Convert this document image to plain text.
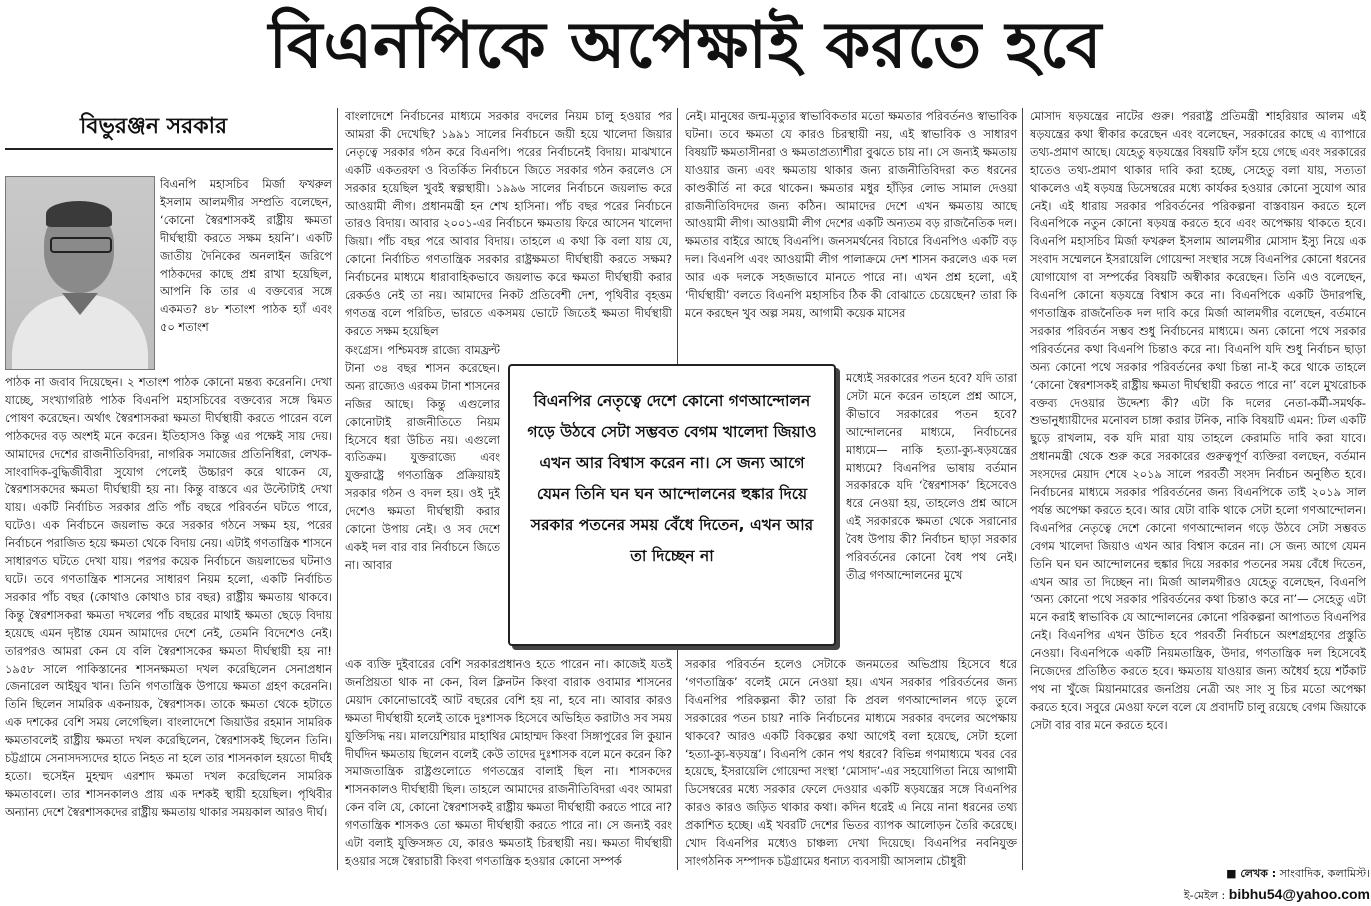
বিএনপিকে অপেক্ষাই করতে হবে
বিভুরঞ্জন সরকার

বিএনপি মহাসচিব মির্জা ফখরুল ইসলাম আলমগীর সম্প্রতি বলেছেন, ‘কোনো স্বৈরশাসকই রাষ্ট্রীয় ক্ষমতা দীর্ঘস্থায়ী করতে সক্ষম হয়নি’। একটি জাতীয় দৈনিকের অনলাইন জরিপে পাঠকদের কাছে প্রশ্ন রাখা হয়েছিল, আপনি কি তার এ বক্তব্যের সঙ্গে একমত? ৪৮ শতাংশ পাঠক হ্যাঁ এবং ৫০ শতাংশ

পাঠক না জবাব দিয়েছেন। ২ শতাংশ পাঠক কোনো মন্তব্য করেননি। দেখা যাচ্ছে, সংখ্যাগরিষ্ঠ পাঠক বিএনপি মহাসচিবের বক্তব্যের সঙ্গে দ্বিমত পোষণ করেছেন। অর্থাৎ স্বৈরশাসকরা ক্ষমতা দীর্ঘস্থায়ী করতে পারেন বলে পাঠকদের বড় অংশই মনে করেন। ইতিহাসও কিন্তু এর পক্ষেই সায় দেয়। আমাদের দেশের রাজনীতিবিদরা, নাগরিক সমাজের প্রতিনিধিরা, লেখক-সাংবাদিক-বুদ্ধিজীবীরা সুযোগ পেলেই উচ্চারণ করে থাকেন যে, স্বৈরশাসকদের ক্ষমতা দীর্ঘস্থায়ী হয় না। কিন্তু বাস্তবে এর উল্টোটাই দেখা যায়। একটি নির্বাচিত সরকার প্রতি পাঁচ বছরে পরিবর্তন ঘটতে পারে, ঘটেও। এক নির্বাচনে জয়লাভ করে সরকার গঠনে সক্ষম হয়, পরের নির্বাচনে পরাজিত হয়ে ক্ষমতা থেকে বিদায় নেয়। এটাই গণতান্ত্রিক শাসনে সাধারণত ঘটতে দেখা যায়। পরপর কয়েক নির্বাচনে জয়লাভের ঘটনাও ঘটে। তবে গণতান্ত্রিক শাসনের সাধারণ নিয়ম হলো, একটি নির্বাচিত সরকার পাঁচ বছর (কোথাও কোথাও চার বছর) রাষ্ট্রীয় ক্ষমতায় থাকবে। কিন্তু স্বৈরশাসকরা ক্ষমতা দখলের পাঁচ বছরের মাথাই ক্ষমতা ছেড়ে বিদায় হয়েছে এমন দৃষ্টান্ত যেমন আমাদের দেশে নেই, তেমনি বিদেশেও নেই। তারপরও আমরা কেন যে বলি স্বৈরশাসকের ক্ষমতা দীর্ঘস্থায়ী হয় না! ১৯৫৮ সালে পাকিস্তানের শাসনক্ষমতা দখল করেছিলেন সেনাপ্রধান জেনারেল আইয়ুব খান। তিনি গণতান্ত্রিক উপায়ে ক্ষমতা গ্রহণ করেননি। তিনি ছিলেন সামরিক একনায়ক, স্বৈরশাসক। তাকে ক্ষমতা থেকে হটাতে এক দশকের বেশি সময় লেগেছিল। বাংলাদেশে জিয়াউর রহমান সামরিক ক্ষমতাবলেই রাষ্ট্রীয় ক্ষমতা দখল করেছিলেন, স্বৈরশাসকই ছিলেন তিনি। চট্টগ্রামে সেনাসদস্যদের হাতে নিহত না হলে তার শাসনকাল হয়তো দীর্ঘই হতো। হুসেইন মুহম্মদ এরশাদ ক্ষমতা দখল করেছিলেন সামরিক ক্ষমতাবলে। তার শাসনকালও প্রায় এক দশকই স্থায়ী হয়েছিল। পৃথিবীর অন্যান্য দেশে স্বৈরশাসকদের রাষ্ট্রীয় ক্ষমতায় থাকার সময়কাল আরও দীর্ঘ।

বাংলাদেশে নির্বাচনের মাধ্যমে সরকার বদলের নিয়ম চালু হওয়ার পর আমরা কী দেখেছি? ১৯৯১ সালের নির্বাচনে জয়ী হয়ে খালেদা জিয়ার নেতৃত্বে সরকার গঠন করে বিএনপি। পরের নির্বাচনেই বিদায়। মাঝখানে একটি একতরফা ও বিতর্কিত নির্বাচনে জিতে সরকার গঠন করলেও সে সরকার হয়েছিল খুবই স্বল্পস্থায়ী। ১৯৯৬ সালের নির্বাচনে জয়লাভ করে আওয়ামী লীগ। প্রধানমন্ত্রী হন শেখ হাসিনা। পাঁচ বছর পরের নির্বাচনে তারও বিদায়। আবার ২০০১-এর নির্বাচনে ক্ষমতায় ফিরে আসেন খালেদা জিয়া। পাঁচ বছর পরে আবার বিদায়। তাহলে এ কথা কি বলা যায় যে, কোনো নির্বাচিত গণতান্ত্রিক সরকার রাষ্ট্রক্ষমতা দীর্ঘস্থায়ী করতে সক্ষম? নির্বাচনের মাধ্যমে ধারাবাহিকভাবে জয়লাভ করে ক্ষমতা দীর্ঘস্থায়ী করার রেকর্ডও নেই তা নয়। আমাদের নিকট প্রতিবেশী দেশ, পৃথিবীর বৃহত্তম গণতন্ত্র বলে পরিচিত, ভারতে একসময় ভোটে জিতেই ক্ষমতা দীর্ঘস্থায়ী করতে সক্ষম হয়েছিল

কংগ্রেস। পশ্চিমবঙ্গ রাজ্যে বামফ্রন্ট টানা ৩৪ বছর শাসন করেছেন। অন্য রাজ্যেও এরকম টানা শাসনের নজির আছে। কিন্তু এগুলোর কোনোটাই রাজনীতিতে নিয়ম হিসেবে ধরা উচিত নয়। এগুলো ব্যতিক্রম। যুক্তরাজ্যে এবং যুক্তরাষ্ট্রে গণতান্ত্রিক প্রক্রিয়ায়ই সরকার গঠন ও বদল হয়। ওই দুই দেশেও ক্ষমতা দীর্ঘস্থায়ী করার কোনো উপায় নেই। ও সব দেশে একই দল বার বার নির্বাচনে জিতে না। আবার

এক ব্যক্তি দুইবারের বেশি সরকারপ্রধানও হতে পারেন না। কাজেই যতই জনপ্রিয়তা থাক না কেন, বিল ক্লিনটন কিংবা বারাক ওবামার শাসনের মেয়াদ কোনোভাবেই আট বছরের বেশি হয় না, হবে না। আবার কারও ক্ষমতা দীর্ঘস্থায়ী হলেই তাকে দুঃশাসক হিসেবে অভিহিত করাটাও সব সময় যুক্তিসিদ্ধ নয়। মালয়েশিয়ার মাহাথির মোহাম্মদ কিংবা সিঙ্গাপুরের লি কুয়ান দীর্ঘদিন ক্ষমতায় ছিলেন বলেই কেউ তাদের দুঃশাসক বলে মনে করেন কি? সমাজতান্ত্রিক রাষ্ট্রগুলোতে গণতন্ত্রের বালাই ছিল না। শাসকদের শাসনকালও দীর্ঘস্থায়ী ছিল। তাহলে আমাদের রাজনীতিবিদরা এবং আমরা কেন বলি যে, কোনো স্বৈরশাসকই রাষ্ট্রীয় ক্ষমতা দীর্ঘস্থায়ী করতে পারে না? গণতান্ত্রিক শাসকও তো ক্ষমতা দীর্ঘস্থায়ী করতে পারে না। সে জন্যই বরং এটা বলাই যুক্তিসঙ্গত যে, কারও ক্ষমতাই চিরস্থায়ী নয়। ক্ষমতা দীর্ঘস্থায়ী হওয়ার সঙ্গে স্বৈরাচারী কিংবা গণতান্ত্রিক হওয়ার কোনো সম্পর্ক

নেই। মানুষের জন্ম-মৃত্যুর স্বাভাবিকতার মতো ক্ষমতার পরিবর্তনও স্বাভাবিক ঘটনা। তবে ক্ষমতা যে কারও চিরস্থায়ী নয়, এই স্বাভাবিক ও সাধারণ বিষয়টি ক্ষমতাসীনরা ও ক্ষমতাপ্রত্যাশীরা বুঝতে চায় না। সে জন্যই ক্ষমতায় যাওয়ার জন্য এবং ক্ষমতায় থাকার জন্য রাজনীতিবিদরা কত ধরনের কাণ্ডকীর্তি না করে থাকেন। ক্ষমতার মধুর হাঁড়ির লোভ সামাল দেওয়া রাজনীতিবিদদের জন্য কঠিন। আমাদের দেশে এখন ক্ষমতায় আছে আওয়ামী লীগ। আওয়ামী লীগ দেশের একটি অন্যতম বড় রাজনৈতিক দল। ক্ষমতার বাইরে আছে বিএনপি। জনসমর্থনের বিচারে বিএনপিও একটি বড় দল। বিএনপি এবং আওয়ামী লীগ পালাক্রমে দেশ শাসন করলেও এক দল আর এক দলকে সহজভাবে মানতে পারে না। এখন প্রশ্ন হলো, এই ‘দীর্ঘস্থায়ী’ বলতে বিএনপি মহাসচিব ঠিক কী বোঝাতে চেয়েছেন? তারা কি মনে করছেন খুব অল্প সময়, আগামী কয়েক মাসের

মধ্যেই সরকারের পতন হবে? যদি তারা সেটা মনে করেন তাহলে প্রশ্ন আসে, কীভাবে সরকারের পতন হবে? আন্দোলনের মাধ্যমে, নির্বাচনের মাধ্যমে— নাকি হত্যা-ক্যু-ষড়যন্ত্রের মাধ্যমে? বিএনপির ভাষায় বর্তমান সরকারকে যদি ‘স্বৈরশাসক’ হিসেবেও ধরে নেওয়া হয়, তাহলেও প্রশ্ন আসে এই সরকারকে ক্ষমতা থেকে সরানোর বৈধ উপায় কী? নির্বাচন ছাড়া সরকার পরিবর্তনের কোনো বৈধ পথ নেই। তীব্র গণআন্দোলনের মুখে

সরকার পরিবর্তন হলেও সেটাকে জনমতের অভিপ্রায় হিসেবে ধরে ‘গণতান্ত্রিক’ বলেই মেনে নেওয়া হয়। এখন সরকার পরিবর্তনের জন্য বিএনপির পরিকল্পনা কী? তারা কি প্রবল গণআন্দোলন গড়ে তুলে সরকারের পতন চায়? নাকি নির্বাচনের মাধ্যমে সরকার বদলের অপেক্ষায় থাকবে? আরও একটি বিকল্পের কথা আগেই বলা হয়েছে, সেটা হলো ‘হত্যা-ক্যু-ষড়যন্ত্র’। বিএনপি কোন পথ ধরবে? বিভিন্ন গণমাধ্যমে খবর বের হয়েছে, ইসরায়েলি গোয়েন্দা সংস্থা ‘মোসাদ’-এর সহযোগিতা নিয়ে আগামী ডিসেম্বরের মধ্যে সরকার ফেলে দেওয়ার একটি ষড়যন্ত্রের সঙ্গে বিএনপির কারও কারও জড়িত থাকার কথা। কদিন ধরেই এ নিয়ে নানা ধরনের তথ্য প্রকাশিত হচ্ছে। এই খবরটি দেশের ভিতর ব্যাপক আলোড়ন তৈরি করেছে। খোদ বিএনপির মধ্যেও চাঞ্চল্য দেখা দিয়েছে। বিএনপির নবনিযুক্ত সাংগঠনিক সম্পাদক চট্টগ্রামের ধনাঢ্য ব্যবসায়ী আসলাম চৌধুরী

মোসাদ ষড়যন্ত্রের নাটের গুরু। পররাষ্ট্র প্রতিমন্ত্রী শাহরিয়ার আলম এই ষড়যন্ত্রের কথা স্বীকার করেছেন এবং বলেছেন, সরকারের কাছে এ ব্যাপারে তথ্য-প্রমাণ আছে। যেহেতু ষড়যন্ত্রের বিষয়টি ফাঁস হয়ে গেছে এবং সরকারের হাতেও তথ্য-প্রমাণ থাকার দাবি করা হচ্ছে, সেহেতু বলা যায়, সত্যতা থাকলেও এই ষড়যন্ত্র ডিসেম্বরের মধ্যে কার্যকর হওয়ার কোনো সুযোগ আর নেই। এই ধারায় সরকার পরিবর্তনের পরিকল্পনা বাস্তবায়ন করতে হলে বিএনপিকে নতুন কোনো ষড়যন্ত্র করতে হবে এবং অপেক্ষায় থাকতে হবে। বিএনপি মহাসচিব মির্জা ফখরুল ইসলাম আলমগীর মোসাদ ইস্যু নিয়ে এক সংবাদ সম্মেলনে ইসরায়েলি গোয়েন্দা সংস্থার সঙ্গে বিএনপির কোনো ধরনের যোগাযোগ বা সম্পর্কের বিষয়টি অস্বীকার করেছেন। তিনি এও বলেছেন, বিএনপি কোনো ষড়যন্ত্রে বিশ্বাস করে না। বিএনপিকে একটি উদারপন্থি, গণতান্ত্রিক রাজনৈতিক দল দাবি করে মির্জা আলমগীর বলেছেন, বর্তমানে সরকার পরিবর্তন সম্ভব শুধু নির্বাচনের মাধ্যমে। অন্য কোনো পথে সরকার পরিবর্তনের কথা বিএনপি চিন্তাও করে না। বিএনপি যদি শুধু নির্বাচন ছাড়া অন্য কোনো পথে সরকার পরিবর্তনের কথা চিন্তা না-ই করে থাকে তাহলে ‘কোনো স্বৈরশাসকই রাষ্ট্রীয় ক্ষমতা দীর্ঘস্থায়ী করতে পারে না’ বলে মুখরোচক বক্তব্য দেওয়ার উদ্দেশ্য কী? এটা কি দলের নেতা-কর্মী-সমর্থক-শুভানুধ্যায়ীদের মনোবল চাঙ্গা করার টনিক, নাকি বিষয়টি এমন: ঢিল একটি ছুড়ে রাখলাম, বক যদি মারা যায় তাহলে কেরামতি দাবি করা যাবে। প্রধানমন্ত্রী থেকে শুরু করে সরকারের গুরুত্বপূর্ণ ব্যক্তিরা বলছেন, বর্তমান সংসদের মেয়াদ শেষে ২০১৯ সালে পরবর্তী সংসদ নির্বাচন অনুষ্ঠিত হবে। নির্বাচনের মাধ্যমে সরকার পরিবর্তনের জন্য বিএনপিকে তাই ২০১৯ সাল পর্যন্ত অপেক্ষা করতে হবে। আর যেটা বাকি থাকে সেটা হলো গণআন্দোলন। বিএনপির নেতৃত্বে দেশে কোনো গণআন্দোলন গড়ে উঠবে সেটা সম্ভবত বেগম খালেদা জিয়াও এখন আর বিশ্বাস করেন না। সে জন্য আগে যেমন তিনি ঘন ঘন আন্দোলনের হুঙ্কার দিয়ে সরকার পতনের সময় বেঁধে দিতেন, এখন আর তা দিচ্ছেন না। মির্জা আলমগীরও যেহেতু বলেছেন, বিএনপি ‘অন্য কোনো পথে সরকার পরিবর্তনের কথা চিন্তাও করে না’— সেহেতু এটা মনে করাই স্বাভাবিক যে আন্দোলনের কোনো পরিকল্পনা আপাতত বিএনপির নেই। বিএনপির এখন উচিত হবে পরবর্তী নির্বাচনে অংশগ্রহণের প্রস্তুতি নেওয়া। বিএনপিকে একটি নিয়মতান্ত্রিক, উদার, গণতান্ত্রিক দল হিসেবেই নিজেদের প্রতিষ্ঠিত করতে হবে। ক্ষমতায় যাওয়ার জন্য অধৈর্য হয়ে শর্টকাট পথ না খুঁজে মিয়ানমারের জনপ্রিয় নেত্রী অং সাং সু চির মতো অপেক্ষা করতে হবে। সবুরে মেওয়া ফলে বলে যে প্রবাদটি চালু রয়েছে বেগম জিয়াকে সেটা বার বার মনে করতে হবে।

বিএনপির নেতৃত্বে দেশে কোনো গণআন্দোলন গড়ে উঠবে সেটা সম্ভবত বেগম খালেদা জিয়াও এখন আর বিশ্বাস করেন না। সে জন্য আগে যেমন তিনি ঘন ঘন আন্দোলনের হুঙ্কার দিয়ে সরকার পতনের সময় বেঁধে দিতেন, এখন আর তা দিচ্ছেন না
■ লেখক : সাংবাদিক, কলামিস্ট।
ই-মেইল : bibhu54@yahoo.com
